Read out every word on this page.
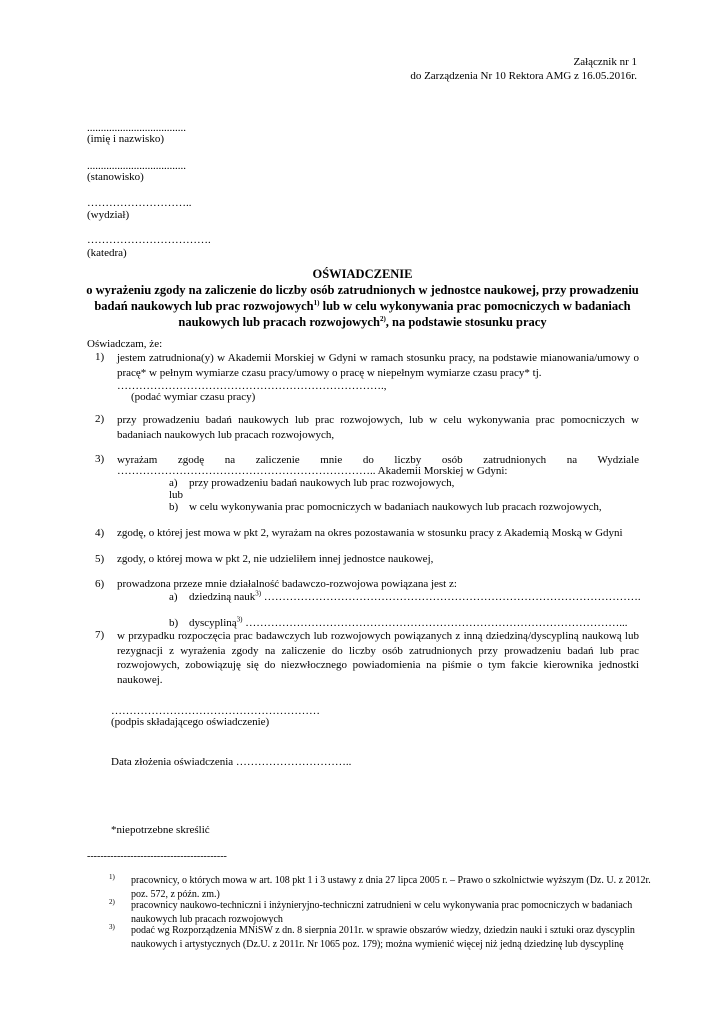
Załącznik nr 1
do Zarządzenia Nr 10 Rektora AMG z 16.05.2016r.
....................................
(imię i nazwisko)
....................................
(stanowisko)
………………………..
(wydział)
…………………………….
(katedra)
OŚWIADCZENIE
o wyrażeniu zgody na zaliczenie do liczby osób zatrudnionych w jednostce naukowej, przy prowadzeniu
badań naukowych lub prac rozwojowych$^{1)}$ lub w celu wykonywania prac pomocniczych w badaniach
naukowych lub pracach rozwojowych$^{2)}$, na podstawie stosunku pracy
Oświadczam, że:
1) jestem zatrudniona(y) w Akademii Morskiej w Gdyni w ramach stosunku pracy, na podstawie mianowania/umowy o pracę* w pełnym wymiarze czasu pracy/umowy o pracę w niepełnym wymiarze czasu pracy* tj.
……………………………………………………………….,
(podać wymiar czasu pracy)
2) przy prowadzeniu badań naukowych lub prac rozwojowych, lub w celu wykonywania prac pomocniczych w badaniach naukowych lub pracach rozwojowych,
3) wyrażam zgodę na zaliczenie mnie do liczby osób zatrudnionych na Wydziale
…………………………………………………………….. Akademii Morskiej w Gdyni:
a) przy prowadzeniu badań naukowych lub prac rozwojowych,
lub
b) w celu wykonywania prac pomocniczych w badaniach naukowych lub pracach rozwojowych,
4) zgodę, o której jest mowa w pkt 2, wyrażam na okres pozostawania w stosunku pracy z Akademią Moską w Gdyni
5) zgody, o której mowa w pkt 2, nie udzieliłem innej jednostce naukowej,
6) prowadzona przeze mnie działalność badawczo-rozwojowa powiązana jest z:
a) dziedziną nauk$^{3)}$ ………………………………………………………………………………………….
b) dyscypliną$^{3)}$ …………………………………………………………………………………………...
7) w przypadku rozpoczęcia prac badawczych lub rozwojowych powiązanych z inną dziedziną/dyscypliną naukową lub rezygnacji z wyrażenia zgody na zaliczenie do liczby osób zatrudnionych przy prowadzeniu badań lub prac rozwojowych, zobowiązuję się do niezwłocznego powiadomienia na piśmie o tym fakcie kierownika jednostki naukowej.
…………………………………………………
(podpis składającego oświadczenie)
Data złożenia oświadczenia …………………………..
*niepotrzebne skreślić
------------------------------------------
1) pracownicy, o których mowa w art. 108 pkt 1 i 3 ustawy z dnia 27 lipca 2005 r. – Prawo o szkolnictwie wyższym (Dz. U. z 2012r.
poz. 572, z późn. zm.)
2) pracownicy naukowo-techniczni i inżynieryjno-techniczni zatrudnieni w celu wykonywania prac pomocniczych w badaniach
naukowych lub pracach rozwojowych
3) podać wg Rozporządzenia MNiSW z dn. 8 sierpnia 2011r. w sprawie obszarów wiedzy, dziedzin nauki i sztuki oraz dyscyplin
naukowych i artystycznych (Dz.U. z 2011r. Nr 1065 poz. 179); można wymienić więcej niż jedną dziedzinę lub dyscyplinę
